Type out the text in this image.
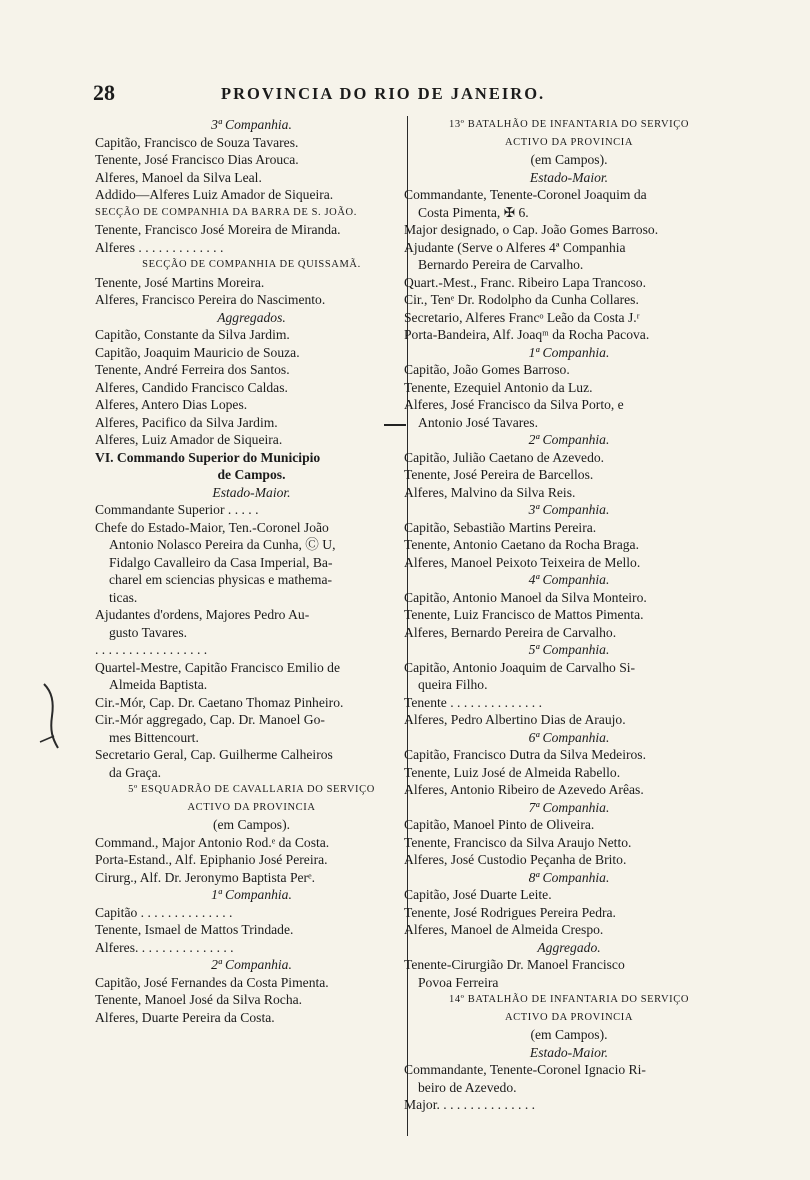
28	PROVINCIA DO RIO DE JANEIRO.
3ª Companhia.
Capitão, Francisco de Souza Tavares.
Tenente, José Francisco Dias Arouca.
Alferes, Manoel da Silva Leal.
Addido—Alferes Luiz Amador de Siqueira.
SECÇÃO DE COMPANHIA DA BARRA DE S. JOÃO.
Tenente, Francisco José Moreira de Miranda.
Alferes . . . . . . . . . . . . .
SECÇÃO DE COMPANHIA DE QUISSAMÃ.
Tenente, José Martins Moreira.
Alferes, Francisco Pereira do Nascimento.
Aggregados.
Capitão, Constante da Silva Jardim.
Capitão, Joaquim Mauricio de Souza.
Tenente, André Ferreira dos Santos.
Alferes, Candido Francisco Caldas.
Alferes, Antero Dias Lopes.
Alferes, Pacifico da Silva Jardim.
Alferes, Luiz Amador de Siqueira.
VI. Commando Superior do Municipio
de Campos.
Estado-Maior.
Commandante Superior . . . . .
Chefe do Estado-Maior, Ten.-Coronel João
Antonio Nolasco Pereira da Cunha, Ⓒ U,
Fidalgo Cavalleiro da Casa Imperial, Ba-
charel em sciencias physicas e mathema-
ticas.
Ajudantes d'ordens, Majores Pedro Au-
gusto Tavares.
. . . . . . . . . . . . . . . . .
Quartel-Mestre, Capitão Francisco Emilio de
Almeida Baptista.
Cir.-Mór, Cap. Dr. Caetano Thomaz Pinheiro.
Cir.-Mór aggregado, Cap. Dr. Manoel Go-
mes Bittencourt.
Secretario Geral, Cap. Guilherme Calheiros
da Graça.
5º ESQUADRÃO DE CAVALLARIA DO SERVIÇO
ACTIVO DA PROVINCIA
(em Campos).
Command., Major Antonio Rod.ᵉ da Costa.
Porta-Estand., Alf. Epiphanio José Pereira.
Cirurg., Alf. Dr. Jeronymo Baptista Perᵉ.
1ª Companhia.
Capitão . . . . . . . . . . . . . .
Tenente, Ismael de Mattos Trindade.
Alferes. . . . . . . . . . . . . . .
2ª Companhia.
Capitão, José Fernandes da Costa Pimenta.
Tenente, Manoel José da Silva Rocha.
Alferes, Duarte Pereira da Costa.
13º BATALHÃO DE INFANTARIA DO SERVIÇO
ACTIVO DA PROVINCIA
(em Campos).
Estado-Maior.
Commandante, Tenente-Coronel Joaquim da
Costa Pimenta, ✠ 6.
Major designado, o Cap. João Gomes Barroso.
Ajudante (Serve o Alferes 4ª Companhia
Bernardo Pereira de Carvalho.
Quart.-Mest., Franc. Ribeiro Lapa Trancoso.
Cir., Tenᵉ Dr. Rodolpho da Cunha Collares.
Secretario, Alferes Francᵒ Leão da Costa J.ʳ
Porta-Bandeira, Alf. Joaqᵐ da Rocha Pacova.
1ª Companhia.
Capitão, João Gomes Barroso.
Tenente, Ezequiel Antonio da Luz.
Alferes, José Francisco da Silva Porto, e
Antonio José Tavares.
2ª Companhia.
Capitão, Julião Caetano de Azevedo.
Tenente, José Pereira de Barcellos.
Alferes, Malvino da Silva Reis.
3ª Companhia.
Capitão, Sebastião Martins Pereira.
Tenente, Antonio Caetano da Rocha Braga.
Alferes, Manoel Peixoto Teixeira de Mello.
4ª Companhia.
Capitão, Antonio Manoel da Silva Monteiro.
Tenente, Luiz Francisco de Mattos Pimenta.
Alferes, Bernardo Pereira de Carvalho.
5ª Companhia.
Capitão, Antonio Joaquim de Carvalho Si-
queira Filho.
Tenente . . . . . . . . . . . . . .
Alferes, Pedro Albertino Dias de Araujo.
6ª Companhia.
Capitão, Francisco Dutra da Silva Medeiros.
Tenente, Luiz José de Almeida Rabello.
Alferes, Antonio Ribeiro de Azevedo Arêas.
7ª Companhia.
Capitão, Manoel Pinto de Oliveira.
Tenente, Francisco da Silva Araujo Netto.
Alferes, José Custodio Peçanha de Brito.
8ª Companhia.
Capitão, José Duarte Leite.
Tenente, José Rodrigues Pereira Pedra.
Alferes, Manoel de Almeida Crespo.
Aggregado.
Tenente-Cirurgião Dr. Manoel Francisco
Povoa Ferreira
14º BATALHÃO DE INFANTARIA DO SERVIÇO
ACTIVO DA PROVINCIA
(em Campos).
Estado-Maior.
Commandante, Tenente-Coronel Ignacio Ri-
beiro de Azevedo.
Major. . . . . . . . . . . . . . .
